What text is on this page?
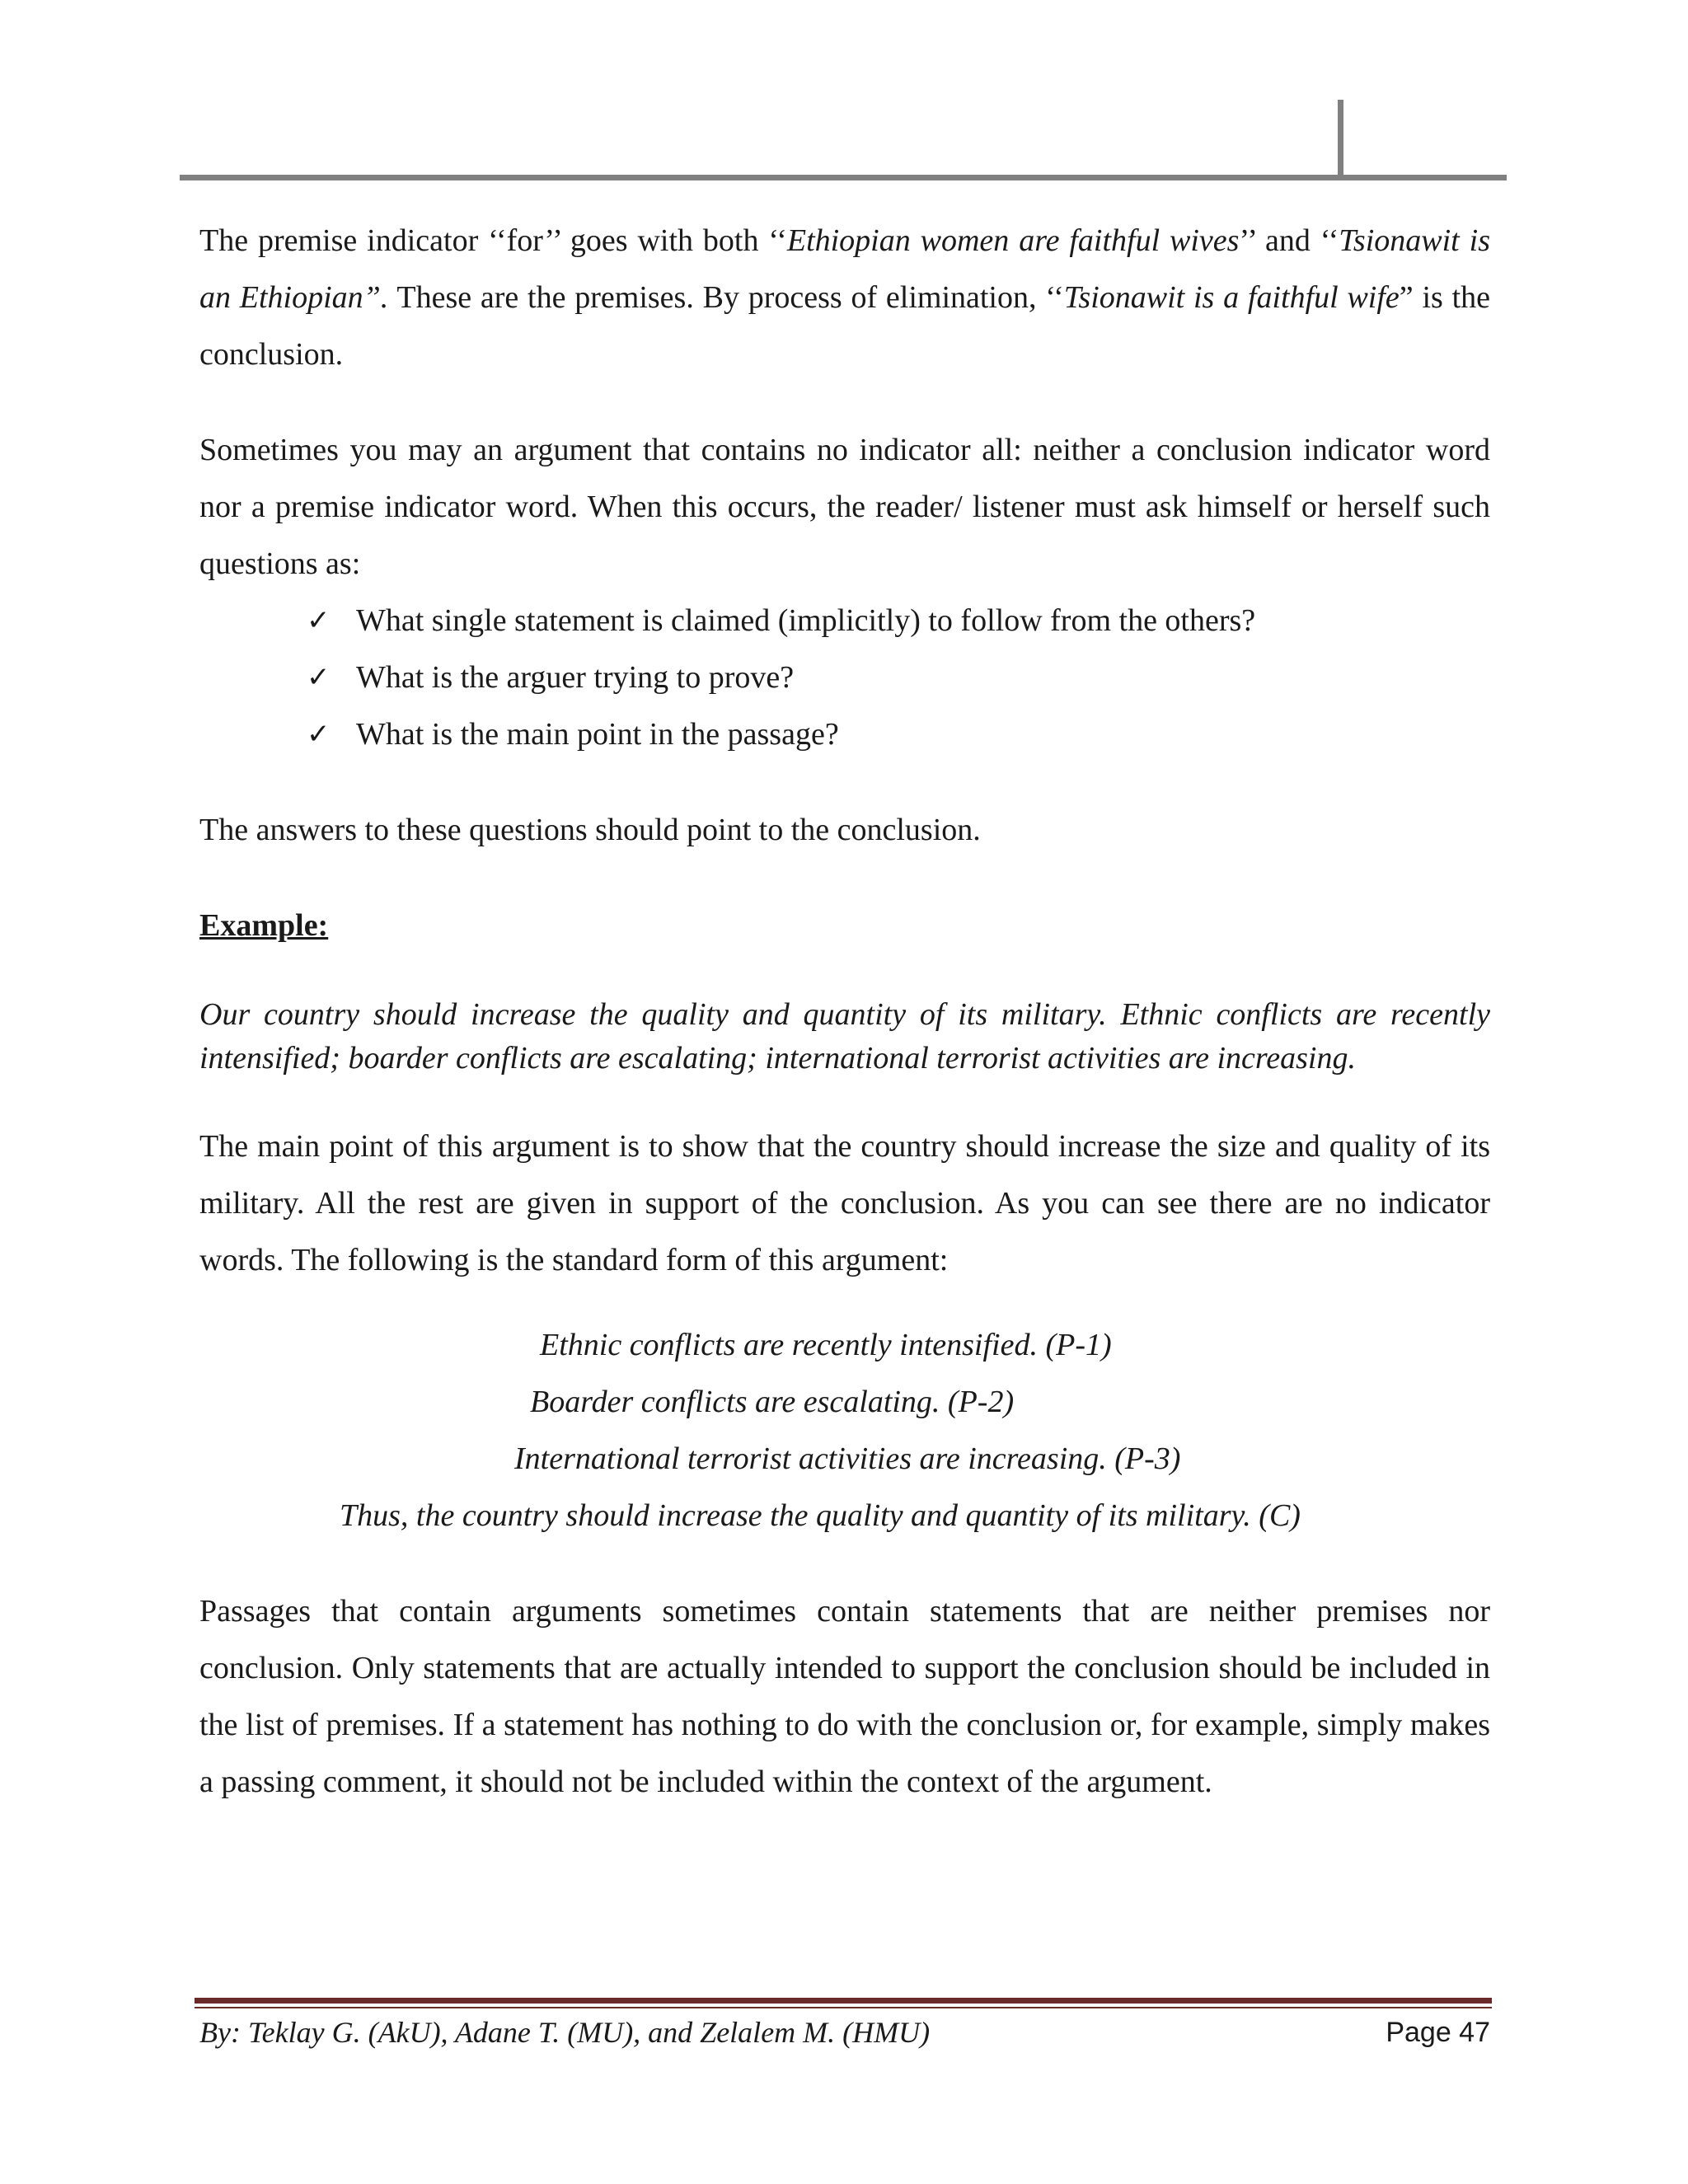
The premise indicator ‘‘for’’ goes with both ‘‘Ethiopian women are faithful wives’’ and ‘‘Tsionawit is an Ethiopian”. These are the premises. By process of elimination, ‘‘Tsionawit is a faithful wife” is the conclusion.

Sometimes you may an argument that contains no indicator all: neither a conclusion indicator word nor a premise indicator word. When this occurs, the reader/ listener must ask himself or herself such questions as:

✓ What single statement is claimed (implicitly) to follow from the others?
✓ What is the arguer trying to prove?
✓ What is the main point in the passage?

The answers to these questions should point to the conclusion.

Example:

Our country should increase the quality and quantity of its military. Ethnic conflicts are recently intensified; boarder conflicts are escalating; international terrorist activities are increasing.

The main point of this argument is to show that the country should increase the size and quality of its military. All the rest are given in support of the conclusion. As you can see there are no indicator words. The following is the standard form of this argument:

Ethnic conflicts are recently intensified. (P-1)
Boarder conflicts are escalating. (P-2)
International terrorist activities are increasing. (P-3)
Thus, the country should increase the quality and quantity of its military. (C)

Passages that contain arguments sometimes contain statements that are neither premises nor conclusion. Only statements that are actually intended to support the conclusion should be included in the list of premises. If a statement has nothing to do with the conclusion or, for example, simply makes a passing comment, it should not be included within the context of the argument.

By: Teklay G. (AkU), Adane T. (MU), and Zelalem M. (HMU)	Page 47
